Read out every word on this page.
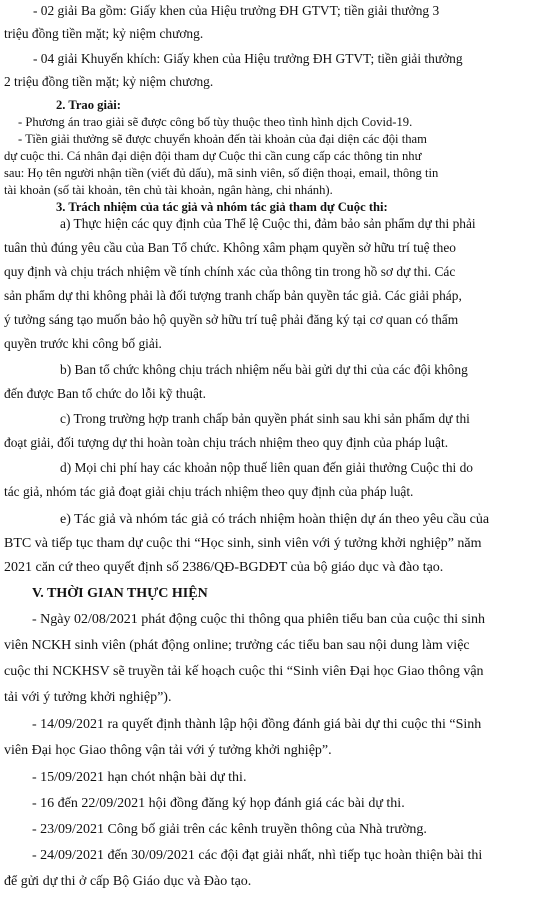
- 02 giải Ba gồm: Giấy khen của Hiệu trưởng ĐH GTVT; tiền giải thưởng 3
triệu đồng tiền mặt; kỷ niệm chương.
- 04 giải Khuyến khích: Giấy khen của Hiệu trưởng ĐH GTVT; tiền giải thưởng
2 triệu đồng tiền mặt; kỷ niệm chương.
2. Trao giải:
- Phương án trao giải sẽ được công bố tùy thuộc theo tình hình dịch Covid-19.
- Tiền giải thưởng sẽ được chuyển khoản đến tài khoản của đại diện các đội tham
dự cuộc thi. Cá nhân đại diện đội tham dự Cuộc thi cần cung cấp các thông tin như
sau: Họ tên người nhận tiền (viết đủ dấu), mã sinh viên, số điện thoại, email, thông tin
tài khoản (số tài khoản, tên chủ tài khoản, ngân hàng, chi nhánh).
3. Trách nhiệm của tác giả và nhóm tác giả tham dự Cuộc thi:
a) Thực hiện các quy định của Thể lệ Cuộc thi, đảm bảo sản phẩm dự thi phải
tuân thủ đúng yêu cầu của Ban Tổ chức. Không xâm phạm quyền sở hữu trí tuệ theo
quy định và chịu trách nhiệm về tính chính xác của thông tin trong hồ sơ dự thi. Các
sản phẩm dự thi không phải là đối tượng tranh chấp bản quyền tác giả. Các giải pháp,
ý tưởng sáng tạo muốn bảo hộ quyền sở hữu trí tuệ phải đăng ký tại cơ quan có thẩm
quyền trước khi công bố giải.
b) Ban tổ chức không chịu trách nhiệm nếu bài gửi dự thi của các đội không
đến được Ban tổ chức do lỗi kỹ thuật.
c) Trong trường hợp tranh chấp bản quyền phát sinh sau khi sản phẩm dự thi
đoạt giải, đối tượng dự thi hoàn toàn chịu trách nhiệm theo quy định của pháp luật.
d) Mọi chi phí hay các khoản nộp thuế liên quan đến giải thưởng Cuộc thi do
tác giả, nhóm tác giả đoạt giải chịu trách nhiệm theo quy định của pháp luật.
e) Tác giả và nhóm tác giả có trách nhiệm hoàn thiện dự án theo yêu cầu của
BTC và tiếp tục tham dự cuộc thi “Học sinh, sinh viên với ý tưởng khởi nghiệp” năm
2021 căn cứ theo quyết định số 2386/QĐ-BGDĐT của bộ giáo dục và đào tạo.
V. THỜI GIAN THỰC HIỆN
- Ngày 02/08/2021 phát động cuộc thi thông qua phiên tiểu ban của cuộc thi sinh
viên NCKH sinh viên (phát động online; trưởng các tiểu ban sau nội dung làm việc
cuộc thi NCKHSV sẽ truyền tải kế hoạch cuộc thi “Sinh viên Đại học Giao thông vận
tải với ý tưởng khởi nghiệp”).
- 14/09/2021 ra quyết định thành lập hội đồng đánh giá bài dự thi cuộc thi “Sinh
viên Đại học Giao thông vận tải với ý tưởng khởi nghiệp”.
- 15/09/2021 hạn chót nhận bài dự thi.
- 16 đến 22/09/2021 hội đồng đăng ký họp đánh giá các bài dự thi.
- 23/09/2021 Công bố giải trên các kênh truyền thông của Nhà trường.
- 24/09/2021 đến 30/09/2021 các đội đạt giải nhất, nhì tiếp tục hoàn thiện bài thi
để gửi dự thi ở cấp Bộ Giáo dục và Đào tạo.
